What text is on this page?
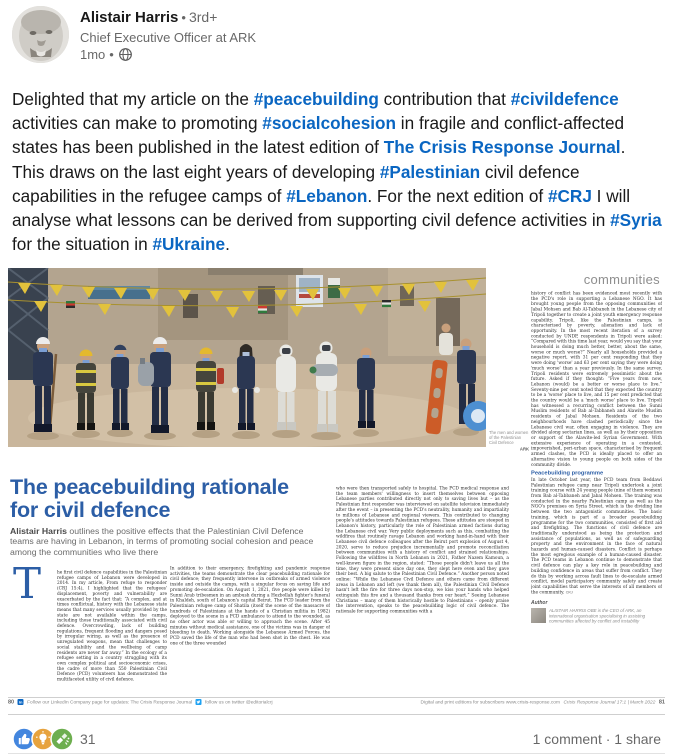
Alistair Harris • 3rd+
Chief Executive Officer at ARK
1mo •
Delighted that my article on the #peacebuilding contribution that #civildefence activities can make to promoting #socialcohesion in fragile and conflict-affected states has been published in the latest edition of The Crisis Response Journal. This draws on the last eight years of developing #Palestinian civil defence capabilities in the refugee camps of #Lebanon. For the next edition of #CRJ I will analyse what lessons can be derived from supporting civil defence activities in #Syria for the situation in #Ukraine.
The men and women of the Palestinian Civil Defence
ARK
communities
The peacebuilding rationale
for civil defence
Alistair Harris outlines the positive effects that the Palestinian Civil Defence teams are having in Lebanon, in terms of promoting social cohesion and peace among the communities who live there
T he first civil defence capabilities in the Palestinian refugee camps of Lebanon were developed in 2014. In my article, From refuge to responder (CRJ 15:4), I highlighted that the refugees' displacement, poverty and vulnerability are exacerbated by the fact that: “A complex, and at times conflictual, history with the Lebanese state means that many services usually provided by the state are not available within the camps, including those traditionally associated with civil defence. Overcrowding, lack of building regulations, frequent flooding and dangers posed by irregular wiring, as well as the presence of unregulated weapons, mean that challenges to social stability and the wellbeing of camp residents are never far away.” In the ecology of a refugee setting in a country struggling with its own complex political and socioeconomic crises, the cadre of more than 550 Palestinian Civil Defence (PCD) volunteers has demonstrated the multifaceted utility of civil defence.
In addition to their emergency, firefighting and pandemic response activities, the teams demonstrate the clear peacebuilding rationale for civil defence; they frequently intervene in outbreaks of armed violence inside and outside the camps, with a singular focus on saving life and promoting de-escalation. On August 1, 2021, five people were killed by Sunni Arab tribesmen in an ambush during a Hezbollah fighter's funeral in Khaldeh, south of Lebanon's capital Beirut. The PCD leader from the Palestinian refugee camp of Shatila (itself the scene of the massacre of hundreds of Palestinians at the hands of a Christian militia in 1982) deployed to the scene in a PCD ambulance to attend to the wounded, as no other actor was able or willing to approach the scene. After 45 minutes without medical assistance, one of the victims was in danger of bleeding to death. Working alongside the Lebanese Armed Forces, the PCD saved the life of the man who had been shot in the chest. He was one of the three wounded
who were then transported safely to hospital. The PCD medical response and the team members' willingness to insert themselves between opposing Lebanese parties contributed directly not only to saving lives but – as the Palestinian first responder was interviewed on satellite television immediately after the event – in presenting the PCD's neutrality, humanity and impartiality to millions of Lebanese and regional viewers. This contributed to changing people's attitudes towards Palestinian refugees. These attitudes are steeped in Lebanon's history, particularly the role of Palestinian armed factions during the Lebanese civil war. Very public deployments such as this, combatting the wildfires that routinely ravage Lebanon and working hand-in-hand with their Lebanese civil defence colleagues after the Beirut port explosion of August 4, 2020, serve to reduce prejudice incrementally and promote reconciliation between communities with a history of conflict and strained relationships. Following the wildfires in North Lebanon in 2021, Father Nazem Kamoun, a well-known figure in the region, stated: “Those people didn't leave us all the time, they were present since day one, they slept here even and they gave their best. A big salute to the Palestinian Civil Defence.” Another person noted online: “While the Lebanese Civil Defence and others came from different areas in Lebanon and left (we thank them all), the Palestinian Civil Defence hasn't left the fire for three days non-stop, we kiss your hands who helped extinguish this fire and a thousand thanks from our heart.” Seeing Lebanese Christians – many of them historically hostile to Palestinians – openly praise the intervention, speaks to the peacebuilding logic of civil defence. The rationale for supporting communities with a
history of conflict has been evidenced most recently with the PCD's role in supporting a Lebanese NGO. It has brought young people from the opposing communities of Jabal Mohsen and Bab Al-Tabbaneh in the Lebanese city of Tripoli together to create a joint youth emergency response capability. Tripoli, like the Palestinian camps, is characterised by poverty, alienation and lack of opportunity. In the most recent iteration of a survey conducted by UNDP, respondents in Tripoli were asked: “Compared with this time last year, would you say that your household is doing much better, better, about the same, worse or much worse?” Nearly all households provided a negative report, with 31 per cent responding that they were doing 'worse' and 63 per cent saying they were doing 'much worse' than a year previously. In the same survey, Tripoli residents were extremely pessimistic about the future. Asked if they thought: “Five years from now, Lebanon (would) be a better or worse place to live.” Seventy-nine per cent noted that they expected the country to be a 'worse' place to live, and 15 per cent predicted that the country would be a 'much worse' place to live. Tripoli has witnessed a recurring conflict between the Sunni Muslim residents of Bab al-Tabbaneh and Alawite Muslim residents of Jabal Mohsen. Residents of the two neighbourhoods have clashed periodically since the Lebanese civil war, often engaging in violence. They are divided along sectarian lines, as well as by their opposition or support of the Alawite-led Syrian Government. With extensive experience of operating in a contested, impoverished, peri-urban space, characterised by frequent armed clashes, the PCD is ideally placed to offer an alternative vision to young people on both sides of the community divide.
Peacebuilding programme
In late October last year, the PCD team from Beddawi Palestinian refugee camp near Tripoli undertook a joint training course with 24 young people (nine of them women) from Bab al-Tabbaneh and Jabal Mohsen. The training was conducted in the nearby Palestinian camp as well as the NGO's premises on Syria Street, which is the dividing line between the two antagonistic communities. The basic training, which is part of a broader peacebuilding programme for the two communities, consisted of first aid and firefighting. The functions of civil defence are traditionally understood as being the protection and assistance of populations, as well as of safeguarding property and the environment in the face of natural hazards and human-caused disasters. Conflict is perhaps the most egregious example of a human-caused disaster. The PCD teams in Lebanon continue to demonstrate that civil defence can play a key role in peacebuilding and building confidence in areas that suffer from conflict. They do this by working across fault lines to de-escalate armed conflict, model participatory community safety and create joint capabilities that serve the interests of all members of the community. CRJ
Author
ALISTAIR HARRIS OBE is the CEO of ARK, an international organisation specialising in assisting communities affected by conflict and instability
80 in Follow our LinkedIn Company page for updates: The Crisis Response Journal follow us on twitter @editorialcrj	Digital and print editions for subscribers www.crisis-response.com Crisis Response Journal 17:1 | March 2022 81
31	1 comment · 1 share
